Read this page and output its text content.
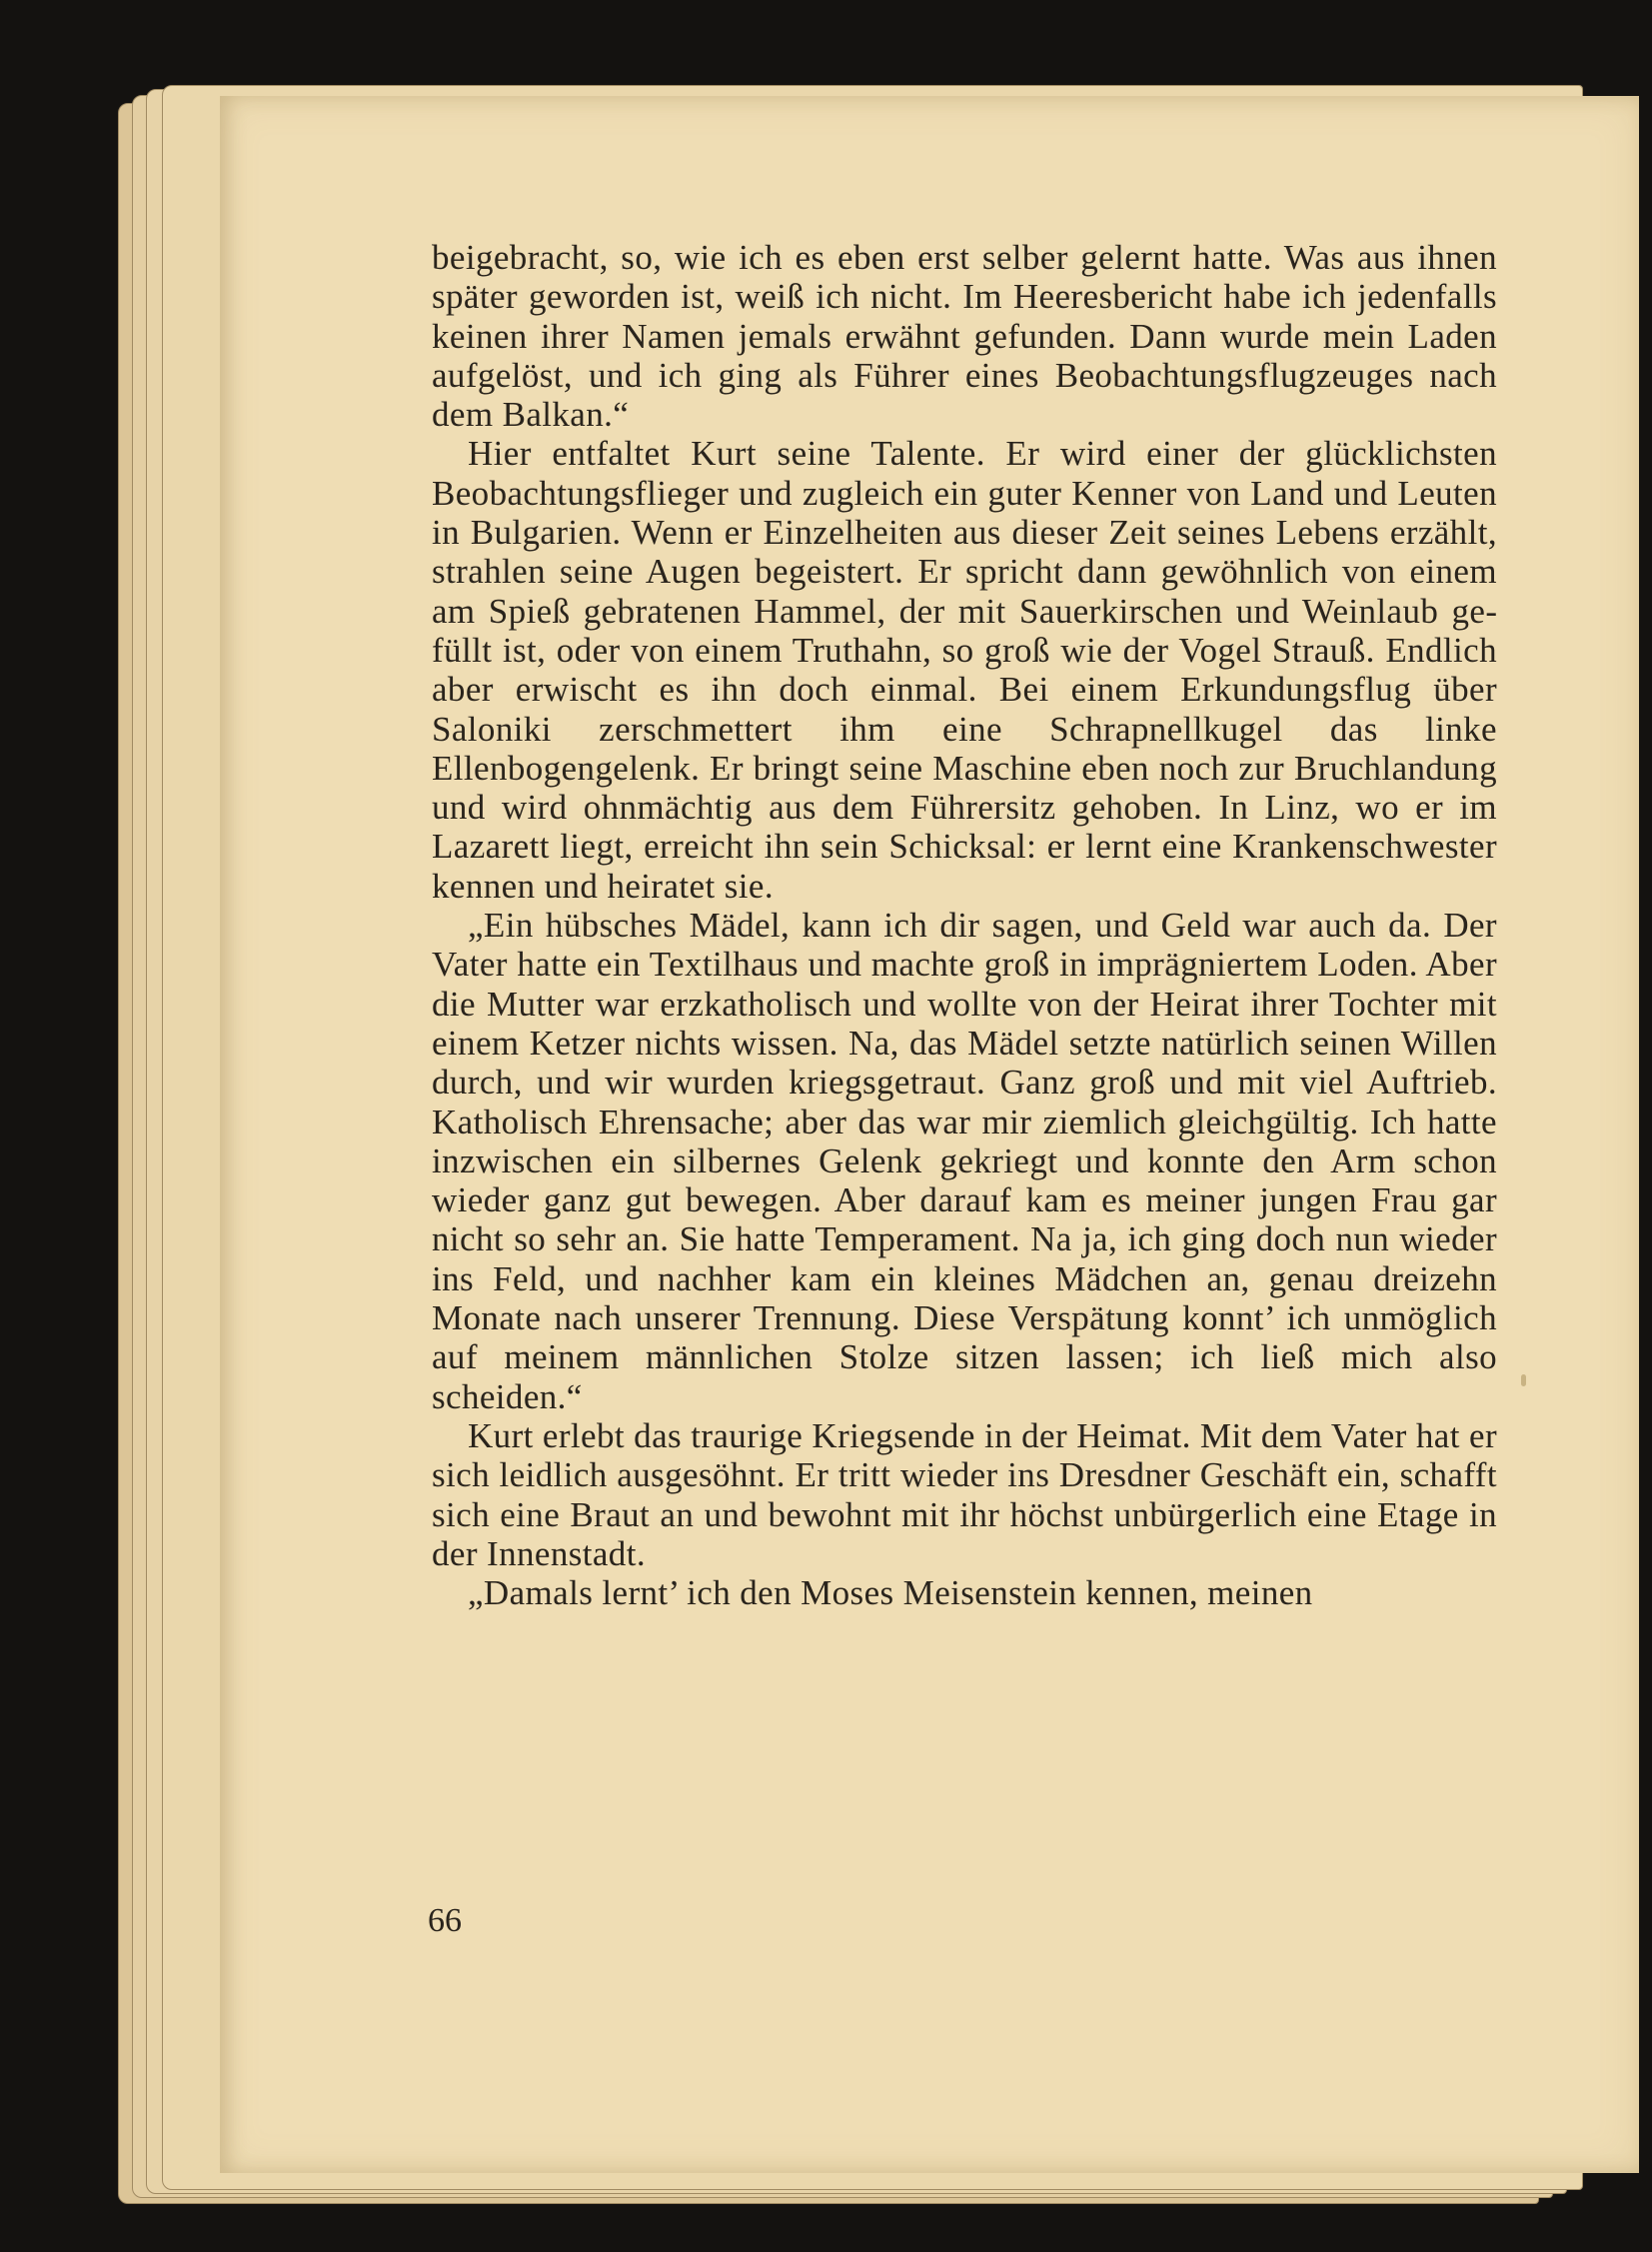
beigebracht, so, wie ich es eben erst selber gelernt hatte. Was aus ihnen später geworden ist, weiß ich nicht. Im Heeresbericht habe ich jedenfalls keinen ihrer Namen jemals erwähnt gefunden. Dann wurde mein Laden aufgelöst, und ich ging als Führer eines Beobachtungsflugzeuges nach dem Balkan.“

Hier entfaltet Kurt seine Talente. Er wird einer der glücklichsten Beobachtungsflieger und zugleich ein guter Kenner von Land und Leuten in Bulgarien. Wenn er Einzelheiten aus dieser Zeit seines Lebens erzählt, strahlen seine Augen begeistert. Er spricht dann gewöhnlich von einem am Spieß gebratenen Hammel, der mit Sauerkirschen und Weinlaub gefüllt ist, oder von einem Truthahn, so groß wie der Vogel Strauß. Endlich aber erwischt es ihn doch einmal. Bei einem Erkundungsflug über Saloniki zerschmettert ihm eine Schrapnellkugel das linke Ellenbogengelenk. Er bringt seine Maschine eben noch zur Bruchlandung und wird ohnmächtig aus dem Führersitz gehoben. In Linz, wo er im Lazarett liegt, erreicht ihn sein Schicksal: er lernt eine Krankenschwester kennen und heiratet sie.

„Ein hübsches Mädel, kann ich dir sagen, und Geld war auch da. Der Vater hatte ein Textilhaus und machte groß in imprägniertem Loden. Aber die Mutter war erzkatholisch und wollte von der Heirat ihrer Tochter mit einem Ketzer nichts wissen. Na, das Mädel setzte natürlich seinen Willen durch, und wir wurden kriegsgetraut. Ganz groß und mit viel Auftrieb. Katholisch Ehrensache; aber das war mir ziemlich gleichgültig. Ich hatte inzwischen ein silbernes Gelenk gekriegt und konnte den Arm schon wieder ganz gut bewegen. Aber darauf kam es meiner jungen Frau gar nicht so sehr an. Sie hatte Temperament. Na ja, ich ging doch nun wieder ins Feld, und nachher kam ein kleines Mädchen an, genau dreizehn Monate nach unserer Trennung. Diese Verspätung konnt’ ich unmöglich auf meinem männlichen Stolze sitzen lassen; ich ließ mich also scheiden.“

Kurt erlebt das traurige Kriegsende in der Heimat. Mit dem Vater hat er sich leidlich ausgesöhnt. Er tritt wieder ins Dresdner Geschäft ein, schafft sich eine Braut an und bewohnt mit ihr höchst unbürgerlich eine Etage in der Innenstadt.

„Damals lernt’ ich den Moses Meisenstein kennen, meinen

66
